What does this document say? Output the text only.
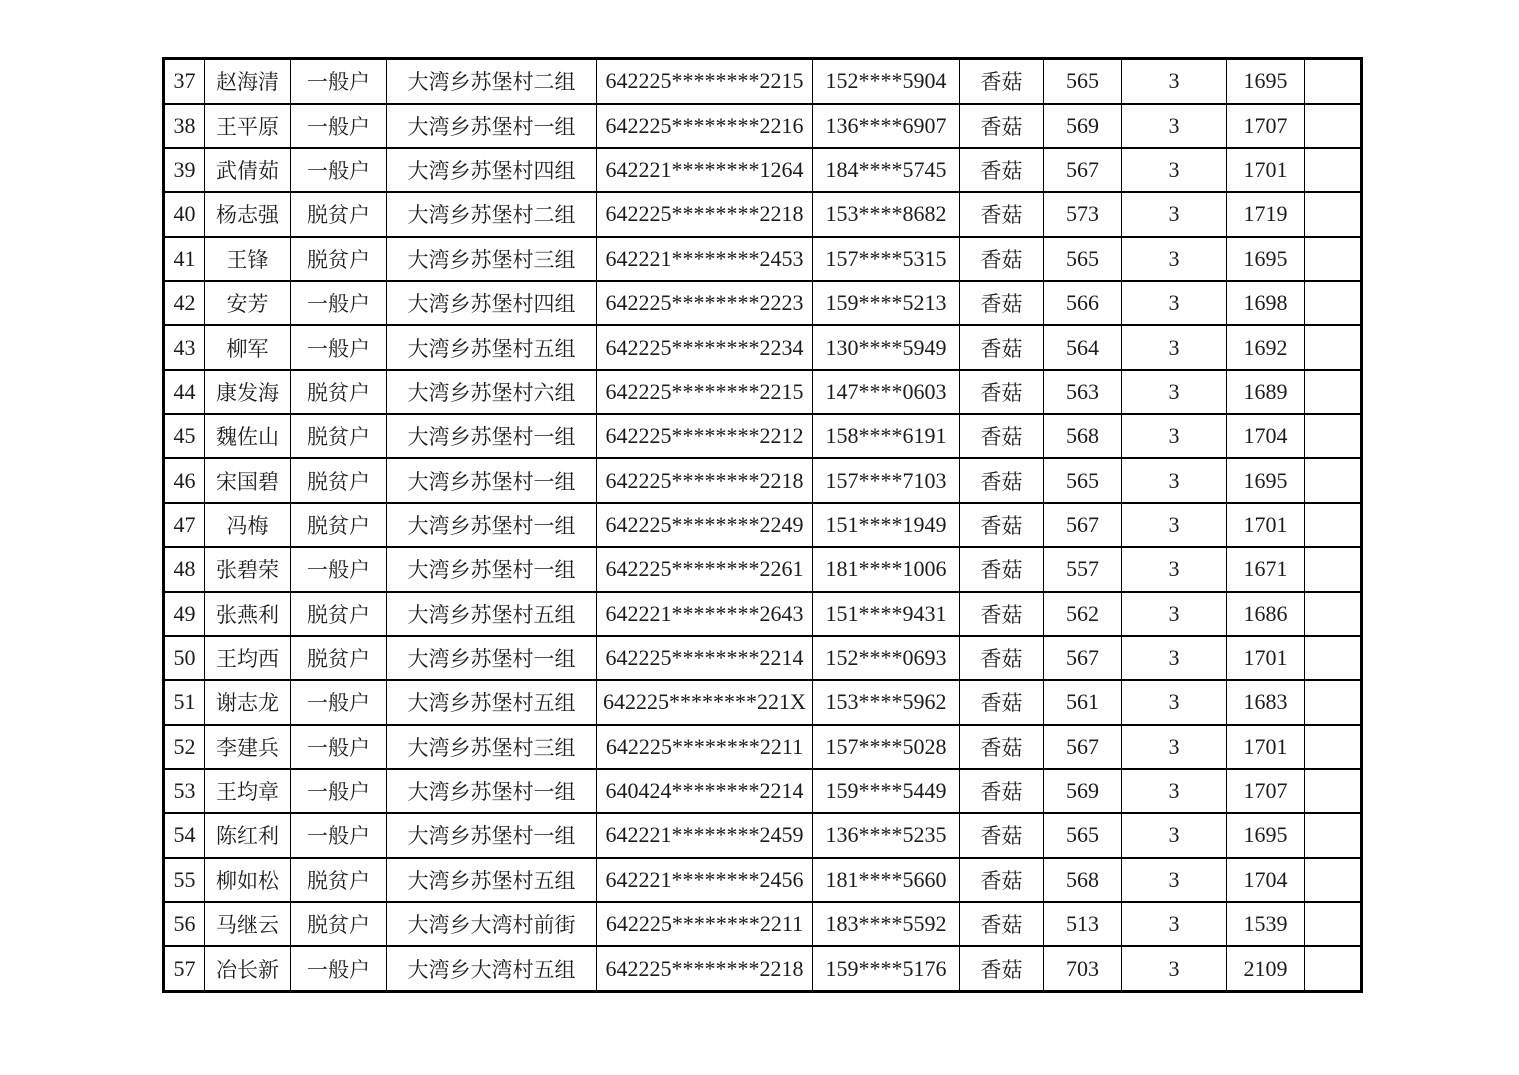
37	赵海清	一般户	大湾乡苏堡村二组	642225********2215	152****5904	香菇	565	3	1695	
38	王平原	一般户	大湾乡苏堡村一组	642225********2216	136****6907	香菇	569	3	1707	
39	武倩茹	一般户	大湾乡苏堡村四组	642221********1264	184****5745	香菇	567	3	1701	
40	杨志强	脱贫户	大湾乡苏堡村二组	642225********2218	153****8682	香菇	573	3	1719	
41	王锋	脱贫户	大湾乡苏堡村三组	642221********2453	157****5315	香菇	565	3	1695	
42	安芳	一般户	大湾乡苏堡村四组	642225********2223	159****5213	香菇	566	3	1698	
43	柳军	一般户	大湾乡苏堡村五组	642225********2234	130****5949	香菇	564	3	1692	
44	康发海	脱贫户	大湾乡苏堡村六组	642225********2215	147****0603	香菇	563	3	1689	
45	魏佐山	脱贫户	大湾乡苏堡村一组	642225********2212	158****6191	香菇	568	3	1704	
46	宋国碧	脱贫户	大湾乡苏堡村一组	642225********2218	157****7103	香菇	565	3	1695	
47	冯梅	脱贫户	大湾乡苏堡村一组	642225********2249	151****1949	香菇	567	3	1701	
48	张碧荣	一般户	大湾乡苏堡村一组	642225********2261	181****1006	香菇	557	3	1671	
49	张燕利	脱贫户	大湾乡苏堡村五组	642221********2643	151****9431	香菇	562	3	1686	
50	王均西	脱贫户	大湾乡苏堡村一组	642225********2214	152****0693	香菇	567	3	1701	
51	谢志龙	一般户	大湾乡苏堡村五组	642225********221X	153****5962	香菇	561	3	1683	
52	李建兵	一般户	大湾乡苏堡村三组	642225********2211	157****5028	香菇	567	3	1701	
53	王均章	一般户	大湾乡苏堡村一组	640424********2214	159****5449	香菇	569	3	1707	
54	陈红利	一般户	大湾乡苏堡村一组	642221********2459	136****5235	香菇	565	3	1695	
55	柳如松	脱贫户	大湾乡苏堡村五组	642221********2456	181****5660	香菇	568	3	1704	
56	马继云	脱贫户	大湾乡大湾村前街	642225********2211	183****5592	香菇	513	3	1539	
57	冶长新	一般户	大湾乡大湾村五组	642225********2218	159****5176	香菇	703	3	2109	
